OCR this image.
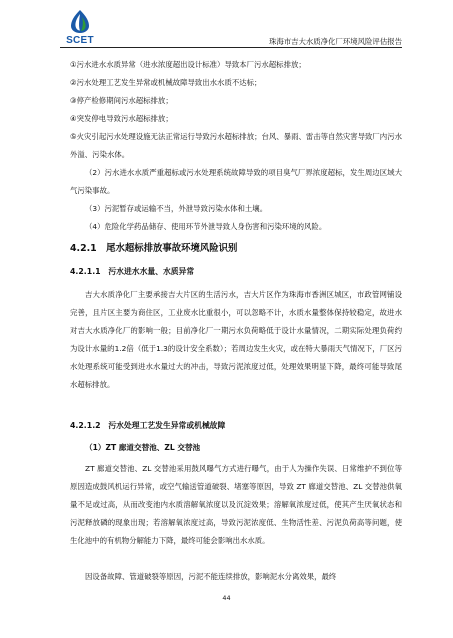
SCET	珠海市吉大水质净化厂环境风险评估报告

①污水进水水质异常（进水浓度超出设计标准）导致本厂污水超标排放；

②污水处理工艺发生异常或机械故障导致出水水质不达标；

③停产检修期间污水超标排放；

④突发停电导致污水超标排放；

⑤火灾引起污水处理设施无法正常运行导致污水超标排放；台风、暴雨、雷击等自然灾害导致厂内污水外溢、污染水体。

（2）污水进水水质严重超标或污水处理系统故障导致的项目臭气厂界浓度超标，发生周边区域大气污染事故。

（3）污泥暂存或运输不当，外泄导致污染水体和土壤。

（4）危险化学药品储存、使用环节外泄导致人身伤害和污染环境的风险。

4.2.1　尾水超标排放事故环境风险识别
4.2.1.1　污水进水水量、水质异常

吉大水质净化厂主要承接吉大片区的生活污水，吉大片区作为珠海市香洲区城区，市政管网铺设完善，且片区主要为商住区，工业废水比重很小，可以忽略不计，水质水量整体保持较稳定，故进水对吉大水质净化厂的影响一般；目前净化厂一期污水负荷略低于设计水量情况，二期实际处理负荷约为设计水量的1.2倍（低于1.3的设计安全系数）；若周边发生火灾，或在特大暴雨天气情况下，厂区污水处理系统可能受到进水水量过大的冲击，导致污泥浓度过低，处理效果明显下降，最终可能导致尾水超标排放。

4.2.1.2　污水处理工艺发生异常或机械故障
（1）ZT 廊道交替池、ZL 交替池

ZT 廊道交替池、ZL 交替池采用鼓风曝气方式进行曝气，由于人为操作失误、日常维护不到位等原因造成鼓风机运行异常，或空气输送管道破裂、堵塞等原因，导致 ZT 廊道交替池、ZL 交替池供氧量不足或过高，从而改变池内水质溶解氧浓度以及沉淀效果；溶解氧浓度过低，使其产生厌氧状态和污泥释放磷的现象出现；若溶解氧浓度过高，导致污泥浓度低、生物活性差、污泥负荷高等问题，使生化池中的有机物分解能力下降，最终可能会影响出水水质。

因设备故障、管道破裂等原因，污泥不能连续排放，影响泥水分离效果，最终

44
